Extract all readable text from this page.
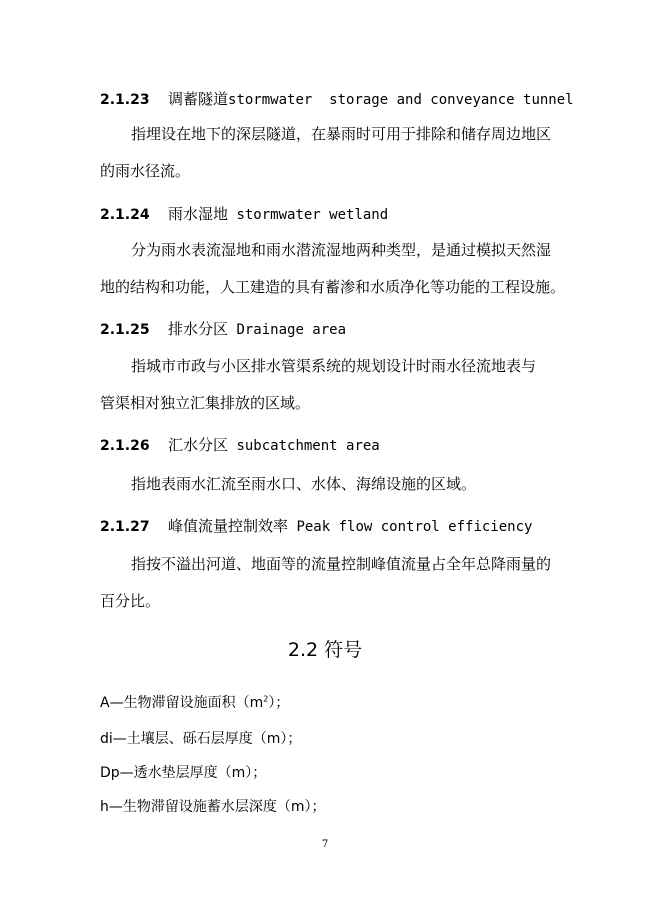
2.1.23 调蓄隧道stormwater  storage and conveyance tunnel
指埋设在地下的深层隧道，在暴雨时可用于排除和储存周边地区
的雨水径流。
2.1.24 雨水湿地 stormwater wetland
分为雨水表流湿地和雨水潜流湿地两种类型，是通过模拟天然湿
地的结构和功能，人工建造的具有蓄渗和水质净化等功能的工程设施。
2.1.25 排水分区 Drainage area
指城市市政与小区排水管渠系统的规划设计时雨水径流地表与
管渠相对独立汇集排放的区域。
2.1.26 汇水分区 subcatchment area
指地表雨水汇流至雨水口、水体、海绵设施的区域。
2.1.27 峰值流量控制效率 Peak flow control efficiency
指按不溢出河道、地面等的流量控制峰值流量占全年总降雨量的
百分比。
2.2 符号
A—生物滞留设施面积$(m^2)$；
di—土壤层、砾石层厚度（m）；
Dp—透水垫层厚度（m）；
h—生物滞留设施蓄水层深度（m）；
7
